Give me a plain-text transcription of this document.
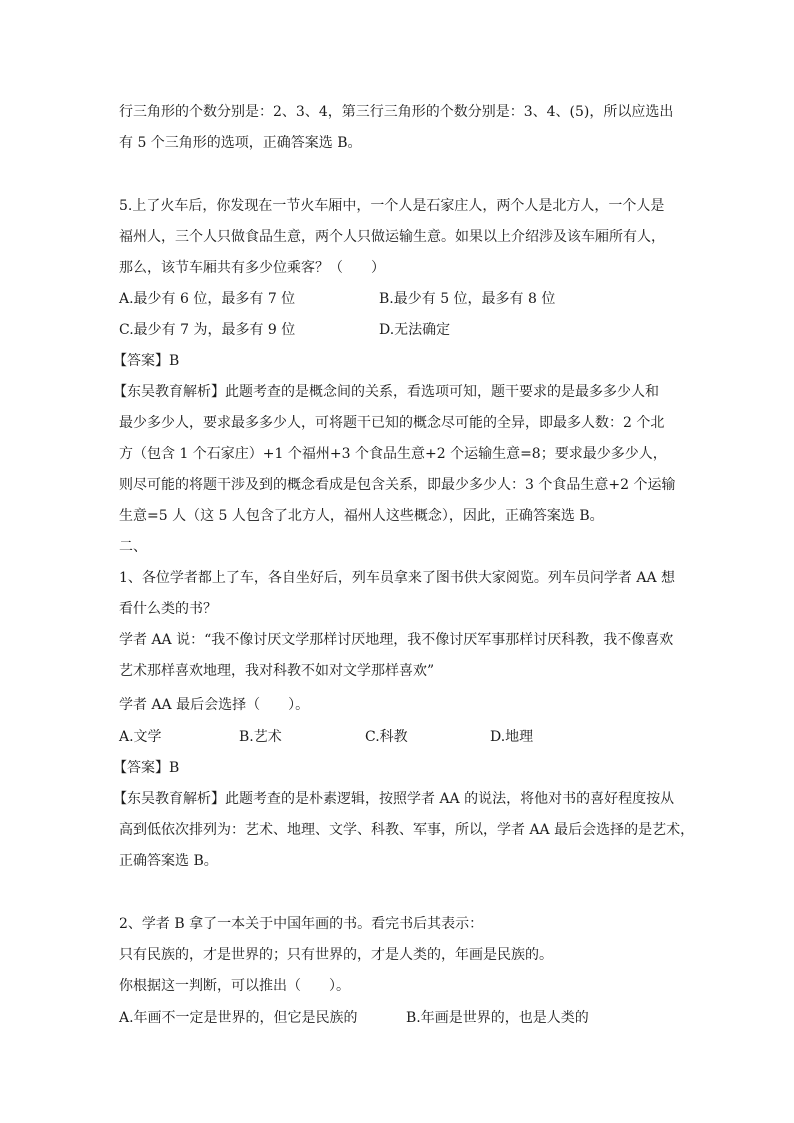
行三角形的个数分别是：2、3、4，第三行三角形的个数分别是：3、4、(5)，所以应选出
有 5 个三角形的选项，正确答案选 B。
5.上了火车后，你发现在一节火车厢中，一个人是石家庄人，两个人是北方人，一个人是
福州人，三个人只做食品生意，两个人只做运输生意。如果以上介绍涉及该车厢所有人，
那么，该节车厢共有多少位乘客？（　　）
A.最少有 6 位，最多有 7 位	B.最少有 5 位，最多有 8 位
C.最少有 7 为，最多有 9 位	D.无法确定
【答案】B
【东吴教育解析】此题考查的是概念间的关系，看选项可知，题干要求的是最多多少人和
最少多少人，要求最多多少人，可将题干已知的概念尽可能的全异，即最多人数：2 个北
方（包含 1 个石家庄）+1 个福州+3 个食品生意+2 个运输生意=8；要求最少多少人，
则尽可能的将题干涉及到的概念看成是包含关系，即最少多少人：3 个食品生意+2 个运输
生意=5 人（这 5 人包含了北方人，福州人这些概念），因此，正确答案选 B。
二、
1、各位学者都上了车，各自坐好后，列车员拿来了图书供大家阅览。列车员问学者 AA 想
看什么类的书？
学者 AA 说：“我不像讨厌文学那样讨厌地理，我不像讨厌军事那样讨厌科教，我不像喜欢
艺术那样喜欢地理，我对科教不如对文学那样喜欢”
学者 AA 最后会选择（　　）。
A.文学	B.艺术	C.科教	D.地理
【答案】B
【东吴教育解析】此题考查的是朴素逻辑，按照学者 AA 的说法，将他对书的喜好程度按从
高到低依次排列为：艺术、地理、文学、科教、军事，所以，学者 AA 最后会选择的是艺术，
正确答案选 B。
2、学者 B 拿了一本关于中国年画的书。看完书后其表示：
只有民族的，才是世界的；只有世界的，才是人类的，年画是民族的。
你根据这一判断，可以推出（　　）。
A.年画不一定是世界的，但它是民族的	B.年画是世界的，也是人类的
